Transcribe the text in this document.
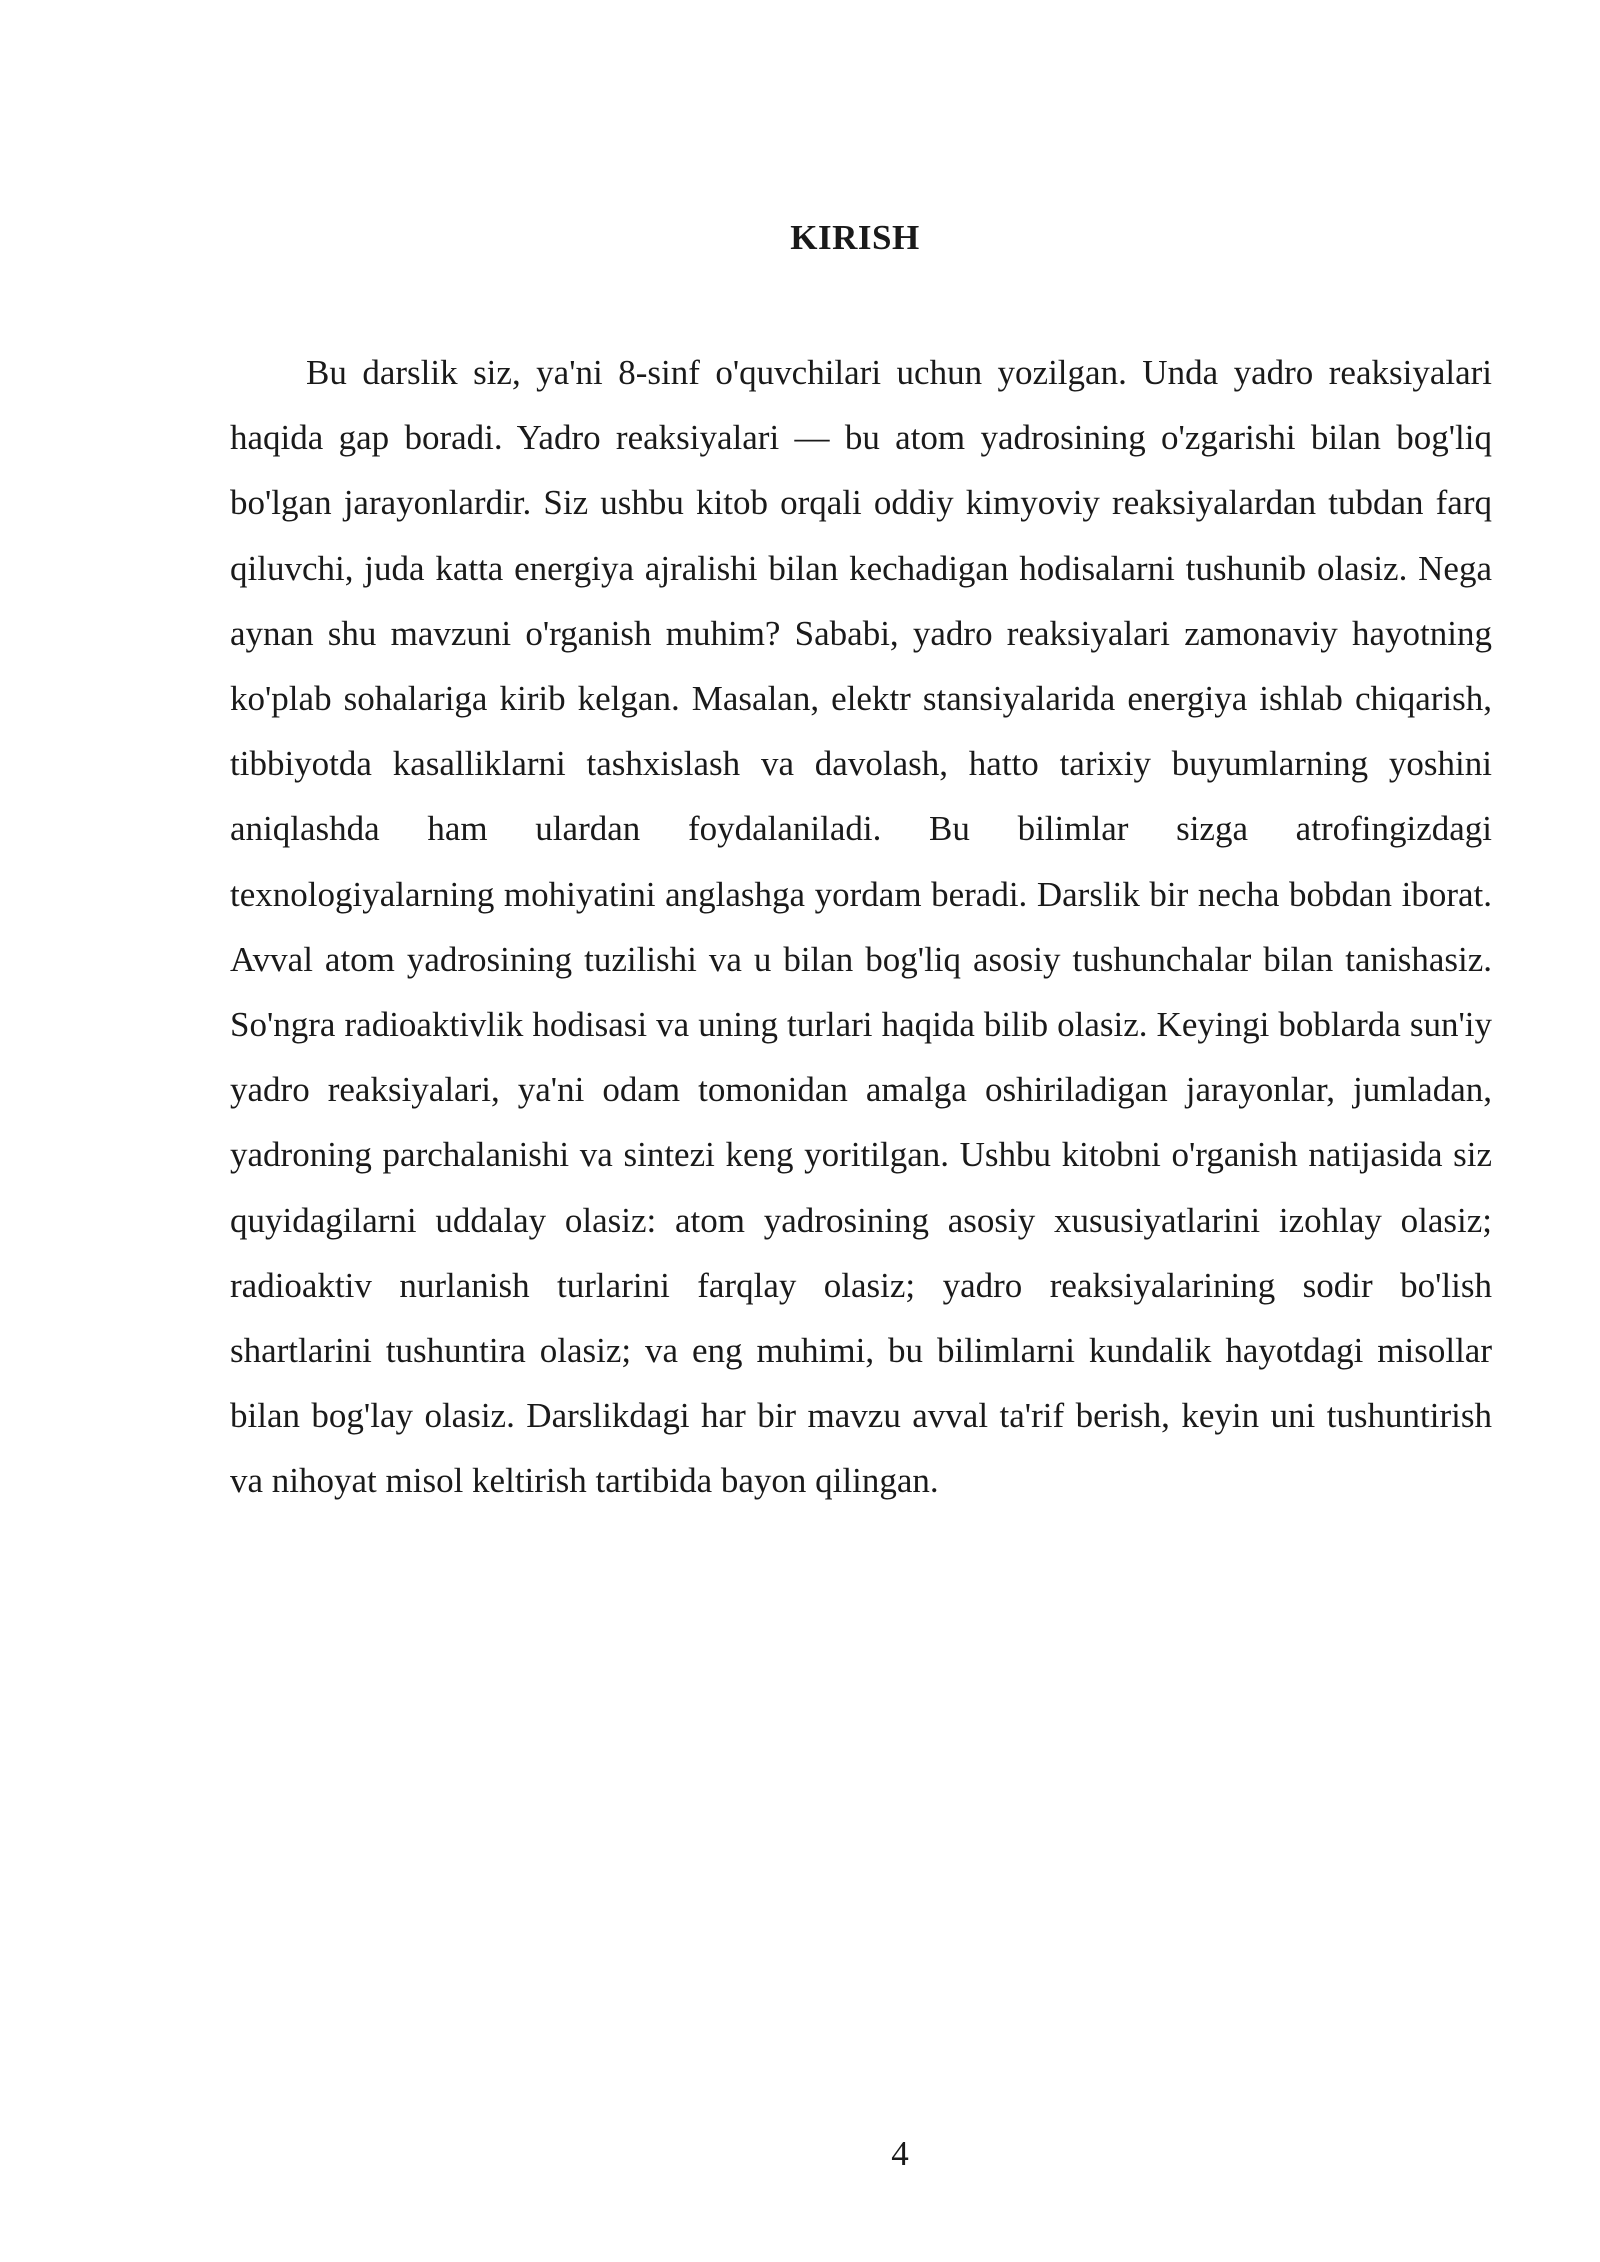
KIRISH

Bu darslik siz, ya'ni 8-sinf o'quvchilari uchun yozilgan. Unda yadro reaksiyalari haqida gap boradi. Yadro reaksiyalari — bu atom yadrosining o'zgarishi bilan bog'liq bo'lgan jarayonlardir. Siz ushbu kitob orqali oddiy kimyoviy reaksiyalardan tubdan farq qiluvchi, juda katta energiya ajralishi bilan kechadigan hodisalarni tushunib olasiz. Nega aynan shu mavzuni o'rganish muhim? Sababi, yadro reaksiyalari zamonaviy hayotning ko'plab sohalariga kirib kelgan. Masalan, elektr stansiyalarida energiya ishlab chiqarish, tibbiyotda kasalliklarni tashxislash va davolash, hatto tarixiy buyumlarning yoshini aniqlashda ham ulardan foydalaniladi. Bu bilimlar sizga atrofingizdagi texnologiyalarning mohiyatini anglashga yordam beradi. Darslik bir necha bobdan iborat. Avval atom yadrosining tuzilishi va u bilan bog'liq asosiy tushunchalar bilan tanishasiz. So'ngra radioaktivlik hodisasi va uning turlari haqida bilib olasiz. Keyingi boblarda sun'iy yadro reaksiyalari, ya'ni odam tomonidan amalga oshiriladigan jarayonlar, jumladan, yadroning parchalanishi va sintezi keng yoritilgan. Ushbu kitobni o'rganish natijasida siz quyidagilarni uddalay olasiz: atom yadrosining asosiy xususiyatlarini izohlay olasiz; radioaktiv nurlanish turlarini farqlay olasiz; yadro reaksiyalarining sodir bo'lish shartlarini tushuntira olasiz; va eng muhimi, bu bilimlarni kundalik hayotdagi misollar bilan bog'lay olasiz. Darslikdagi har bir mavzu avval ta'rif berish, keyin uni tushuntirish va nihoyat misol keltirish tartibida bayon qilingan.

4
